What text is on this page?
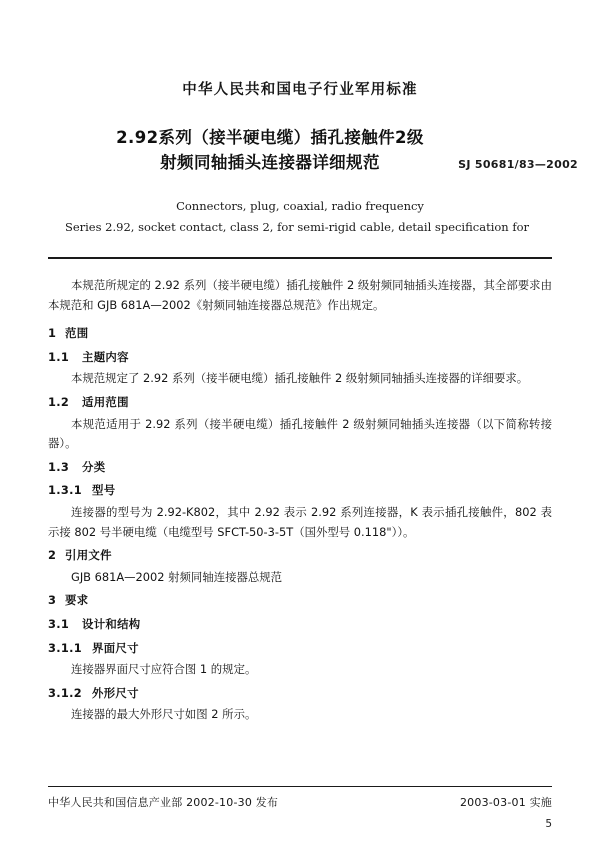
中华人民共和国电子行业军用标准
2.92系列（接半硬电缆）插孔接触件2级
射频同轴插头连接器详细规范	SJ 50681/83—2002
Connectors, plug, coaxial, radio frequency
Series 2.92, socket contact, class 2, for semi-rigid cable, detail specification for

本规范所规定的 2.92 系列（接半硬电缆）插孔接触件 2 级射频同轴插头连接器，其全部要求由本规范和 GJB 681A—2002《射频同轴连接器总规范》作出规定。

1 范围
1.1 主题内容

本规范规定了 2.92 系列（接半硬电缆）插孔接触件 2 级射频同轴插头连接器的详细要求。

1.2 适用范围

本规范适用于 2.92 系列（接半硬电缆）插孔接触件 2 级射频同轴插头连接器（以下简称转接器）。

1.3 分类
1.3.1 型号

连接器的型号为 2.92-K802，其中 2.92 表示 2.92 系列连接器，K 表示插孔接触件，802 表示接 802 号半硬电缆（电缆型号 SFCT-50-3-5T（国外型号 0.118"））。

2 引用文件

GJB 681A—2002 射频同轴连接器总规范

3 要求
3.1 设计和结构
3.1.1 界面尺寸

连接器界面尺寸应符合图 1 的规定。

3.1.2 外形尺寸

连接器的最大外形尺寸如图 2 所示。

中华人民共和国信息产业部 2002-10-30 发布	2003-03-01 实施
5
